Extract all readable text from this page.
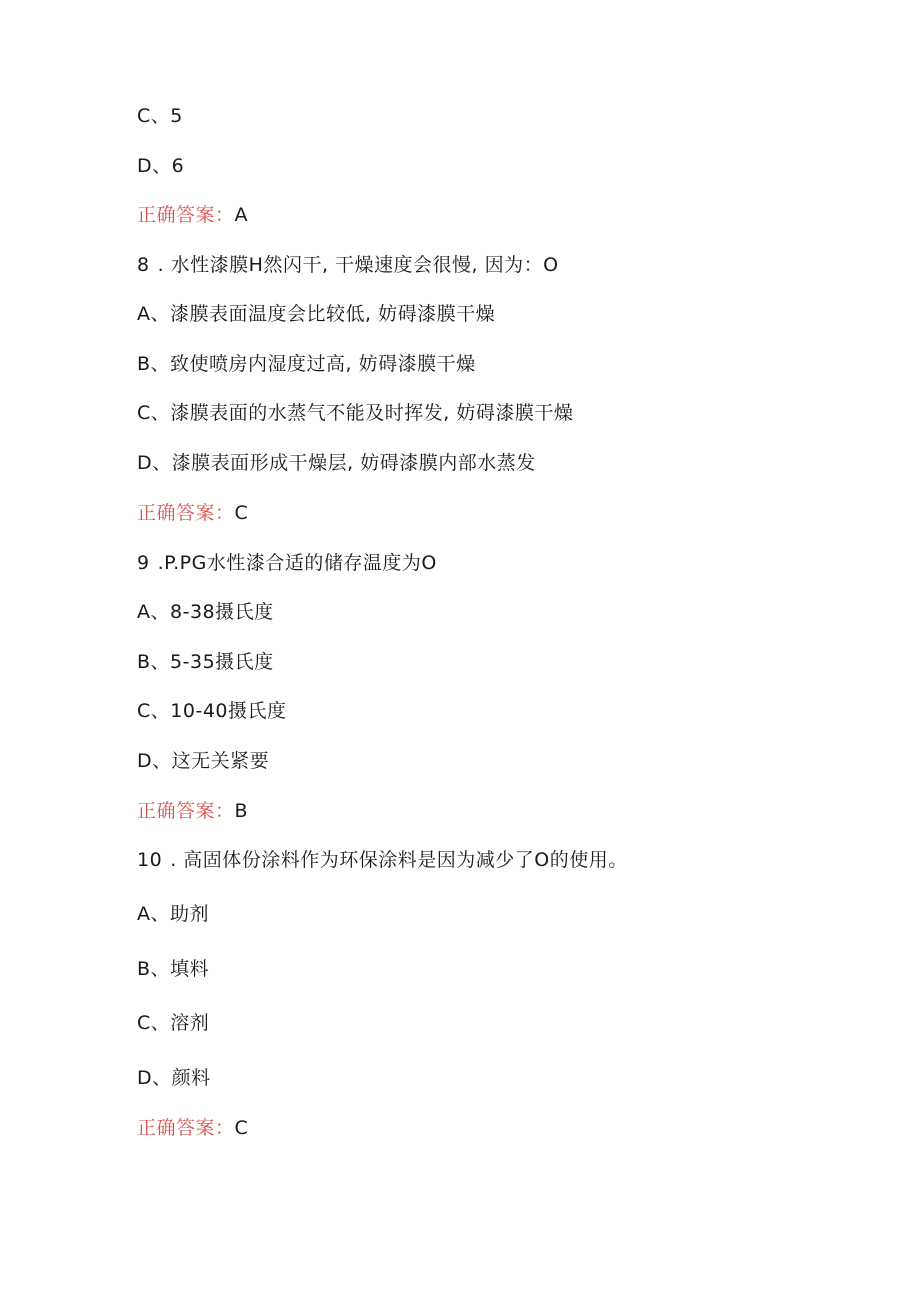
C、5
D、6
正确答案：A
8 . 水性漆膜H然闪干, 干燥速度会很慢, 因为：O
A、漆膜表面温度会比较低, 妨碍漆膜干燥
B、致使喷房内湿度过高, 妨碍漆膜干燥
C、漆膜表面的水蒸气不能及时挥发, 妨碍漆膜干燥
D、漆膜表面形成干燥层, 妨碍漆膜内部水蒸发
正确答案：C
9 .P.PG水性漆合适的储存温度为O
A、8-38摄氏度
B、5-35摄氏度
C、10-40摄氏度
D、这无关紧要
正确答案：B
10 . 高固体份涂料作为环保涂料是因为减少了O的使用。
A、助剂
B、填料
C、溶剂
D、颜料
正确答案：C
